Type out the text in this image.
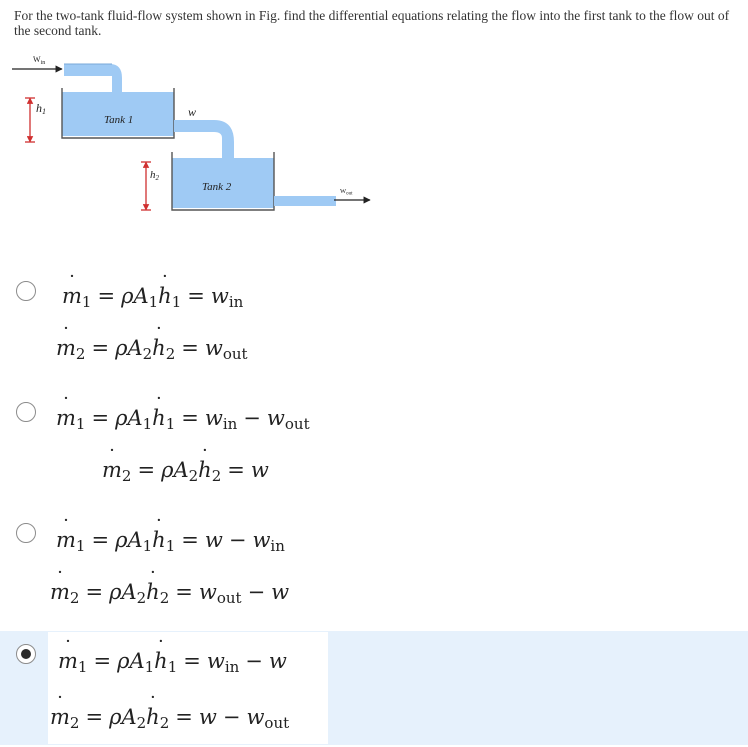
For the two-tank fluid-flow system shown in Fig. find the differential equations relating the flow into the first tank to the flow out of the second tank.
$W_{in}$
Tank 1
h1	w
Tank 2
h2
$W_{out}$
m $˙_1 = \rho A_1h$ $˙_1 = w_{in}$
m $˙_2 = \rho A_2h$ $˙_2 = w_{out}$
m $˙_1 = \rho A_1h$ $˙_1 = w_{in} - w_{out}$
m $˙_2 = \rho A_2h$ $˙_2 = w$
m $˙_1 = \rho A_1h$ $˙_1 = w - w_{in}$
m $˙_2 = \rho A_2h$ $˙_2 = w_{out} - w$
m $˙_1 = \rho A_1h$ $˙_1 = w_{in} - w$
m $˙_2 = \rho A_2h$ $˙_2 = w - w_{out}$
